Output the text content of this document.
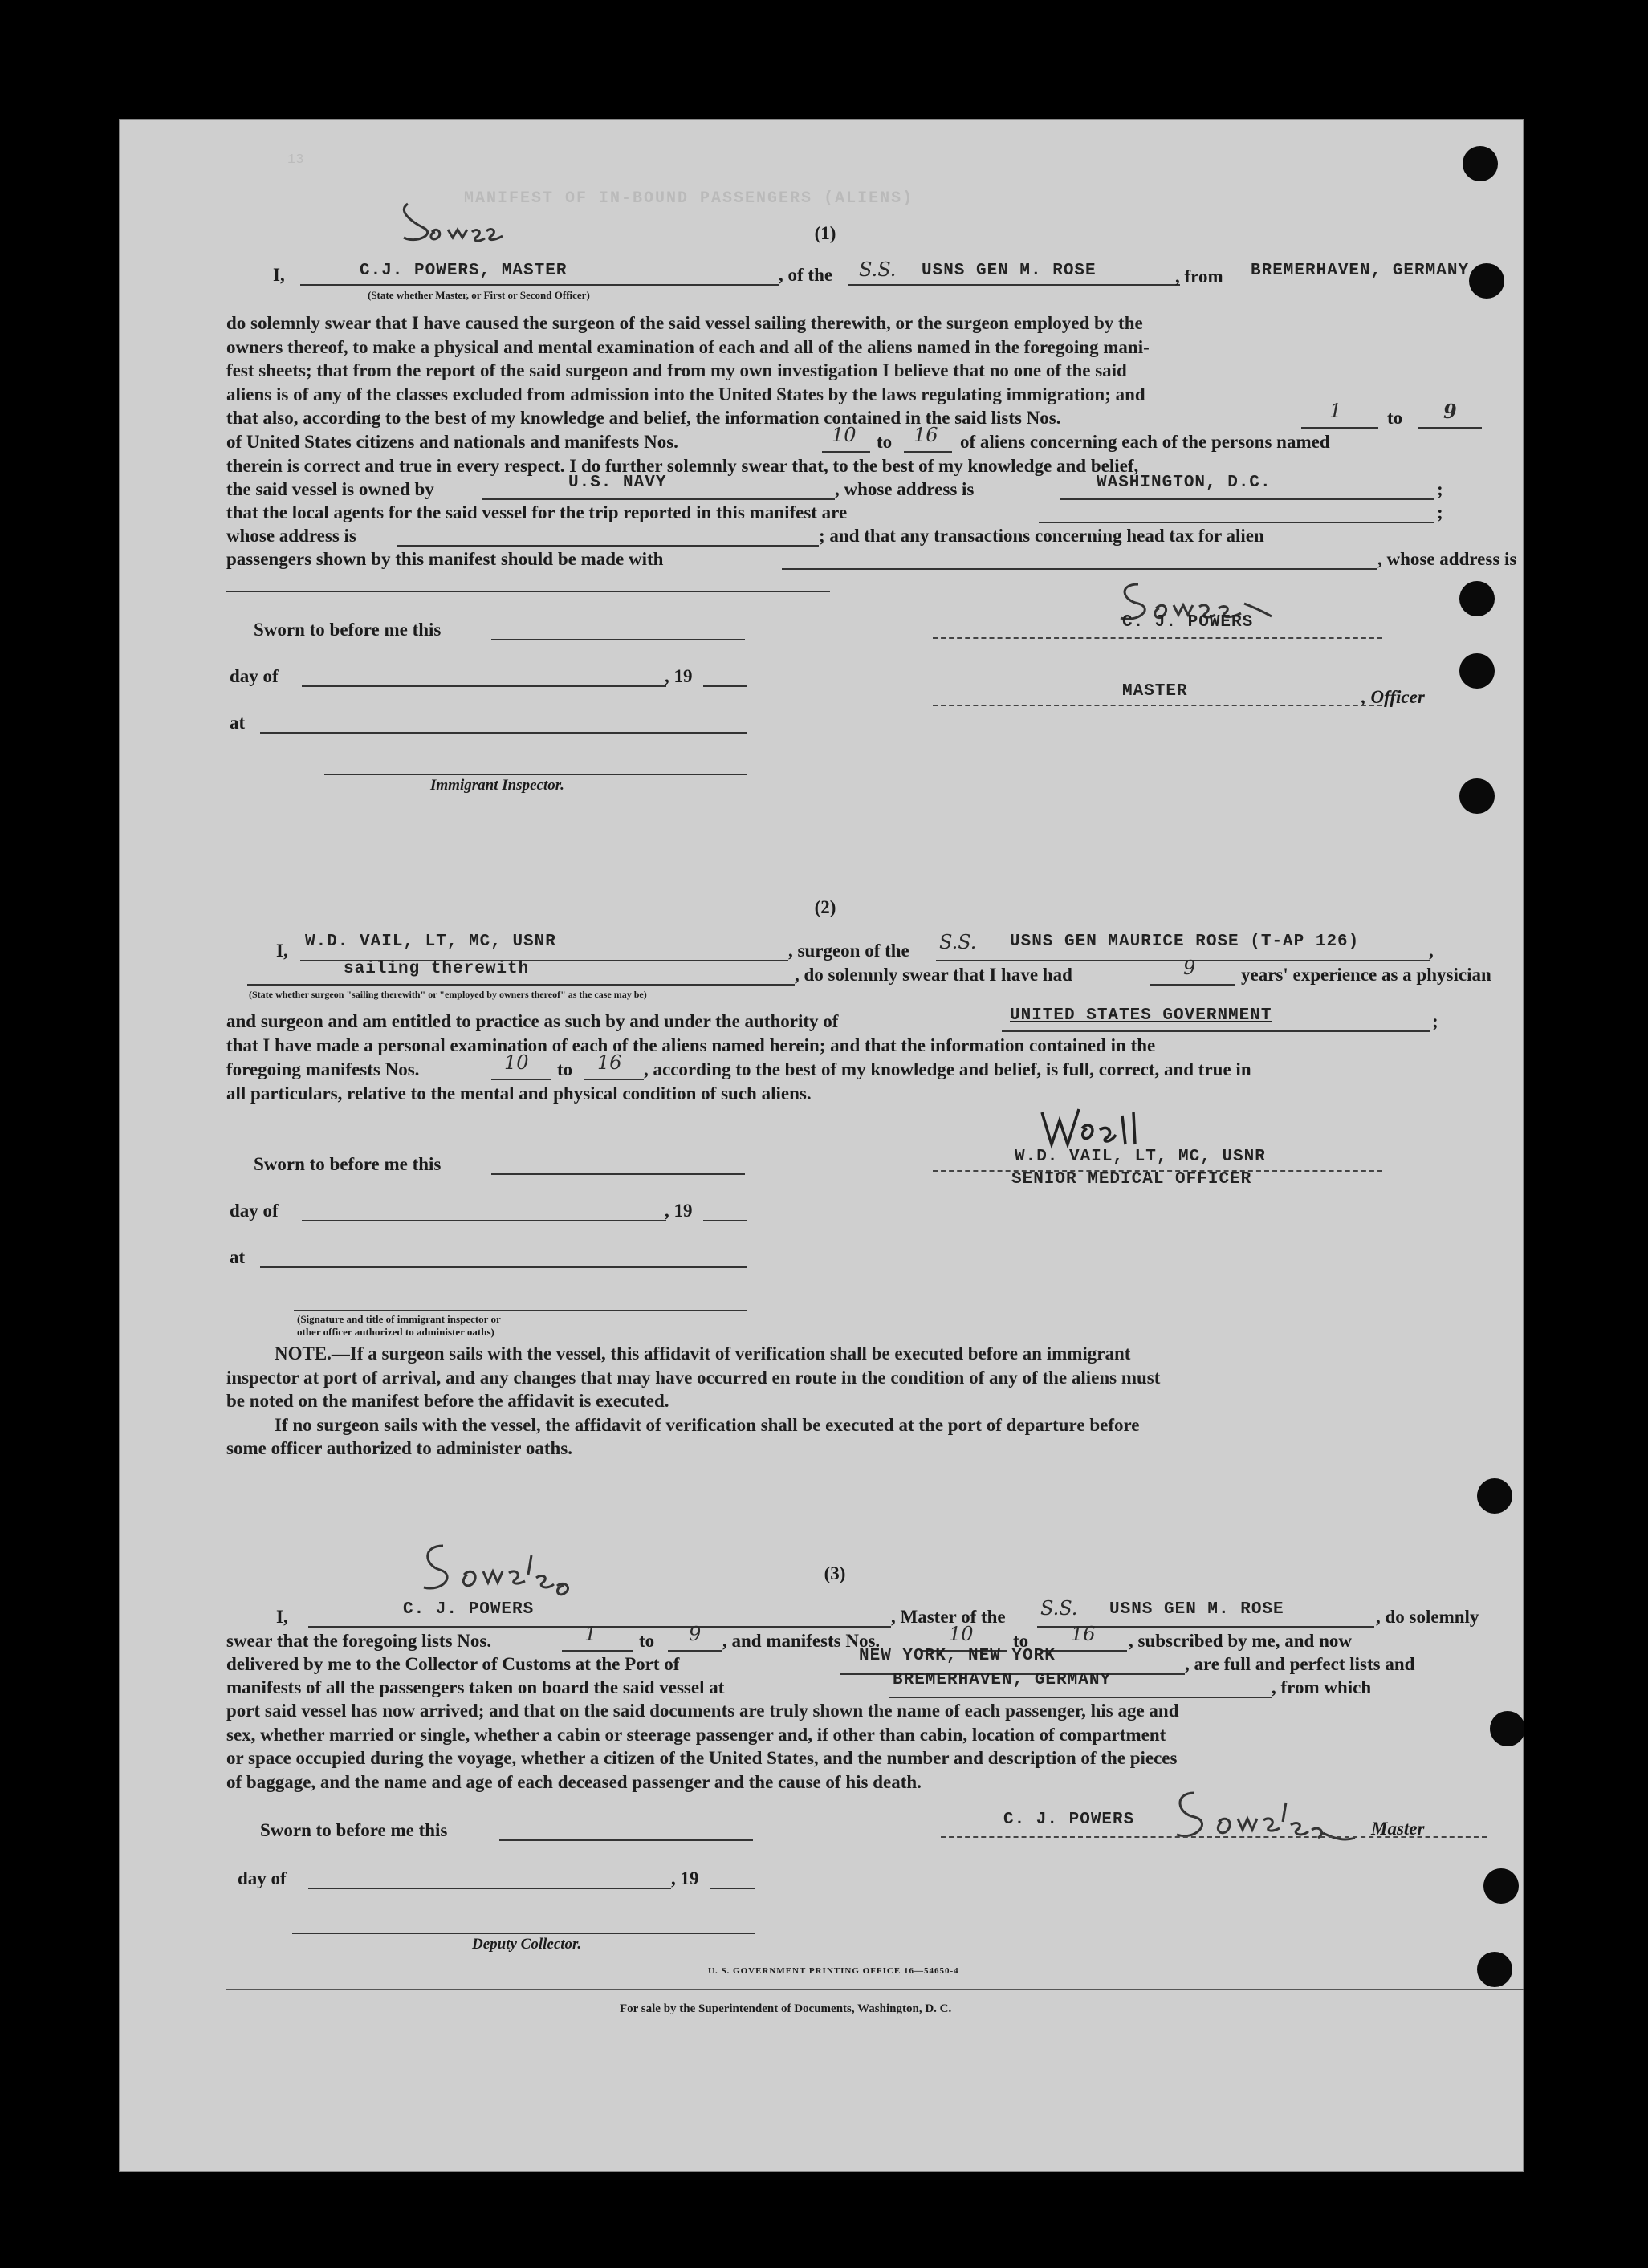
13
MANIFEST OF IN-BOUND PASSENGERS (ALIENS)
(1)
I,	C.J. POWERS, MASTER
(State whether Master, or First or Second Officer)
, of the S.S. USNS GEN M. ROSE	, from BREMERHAVEN, GERMANY
do solemnly swear that I have caused the surgeon of the said vessel sailing therewith, or the surgeon employed by the
owners thereof, to make a physical and mental examination of each and all of the aliens named in the foregoing mani-
fest sheets; that from the report of the said surgeon and from my own investigation I believe that no one of the said
aliens is of any of the classes excluded from admission into the United States by the laws regulating immigration; and
that also, according to the best of my knowledge and belief, the information contained in the said lists Nos.	1 to 9
of United States citizens and nationals and manifests Nos.	10 to 16 of aliens concerning each of the persons named
therein is correct and true in every respect. I do further solemnly swear that, to the best of my knowledge and belief,
the said vessel is owned by	U.S. NAVY	, whose address is	WASHINGTON, D.C.	;
that the local agents for the said vessel for the trip reported in this manifest are	;
whose address is	; and that any transactions concerning head tax for alien
passengers shown by this manifest should be made with	, whose address is
Sworn to before me this
day of	, 19
at
Immigrant Inspector.
C. J. POWERS
MASTER	, Officer
(2)
I, W.D. VAIL, LT, MC, USNR	, surgeon of the S.S. USNS GEN MAURICE ROSE (T-AP 126)	,
sailing therewith	, do solemnly swear that I have had	9 years' experience as a physician
(State whether surgeon "sailing therewith" or "employed by owners thereof" as the case may be)
and surgeon and am entitled to practice as such by and under the authority of	UNITED STATES GOVERNMENT	;
that I have made a personal examination of each of the aliens named herein; and that the information contained in the
foregoing manifests Nos.	10 to 16 , according to the best of my knowledge and belief, is full, correct, and true in
all particulars, relative to the mental and physical condition of such aliens.
Sworn to before me this
day of	, 19
at
(Signature and title of immigrant inspector or
other officer authorized to administer oaths)
W.D. VAIL, LT, MC, USNR
SENIOR MEDICAL OFFICER
NOTE.—If a surgeon sails with the vessel, this affidavit of verification shall be executed before an immigrant
inspector at port of arrival, and any changes that may have occurred en route in the condition of any of the aliens must
be noted on the manifest before the affidavit is executed.
If no surgeon sails with the vessel, the affidavit of verification shall be executed at the port of departure before
some officer authorized to administer oaths.
(3)
I,	C. J. POWERS	, Master of the S.S. USNS GEN M. ROSE	, do solemnly
swear that the foregoing lists Nos.	1 to 9 , and manifests Nos.	10 to 16 , subscribed by me, and now
delivered by me to the Collector of Customs at the Port of	NEW YORK, NEW YORK	, are full and perfect lists and
manifests of all the passengers taken on board the said vessel at	BREMERHAVEN, GERMANY	, from which
port said vessel has now arrived; and that on the said documents are truly shown the name of each passenger, his age and
sex, whether married or single, whether a cabin or steerage passenger and, if other than cabin, location of compartment
or space occupied during the voyage, whether a citizen of the United States, and the number and description of the pieces
of baggage, and the name and age of each deceased passenger and the cause of his death.
Sworn to before me this
day of	, 19
Deputy Collector.
C. J. POWERS	Master
U. S. GOVERNMENT PRINTING OFFICE 16—54650-4
For sale by the Superintendent of Documents, Washington, D. C.
